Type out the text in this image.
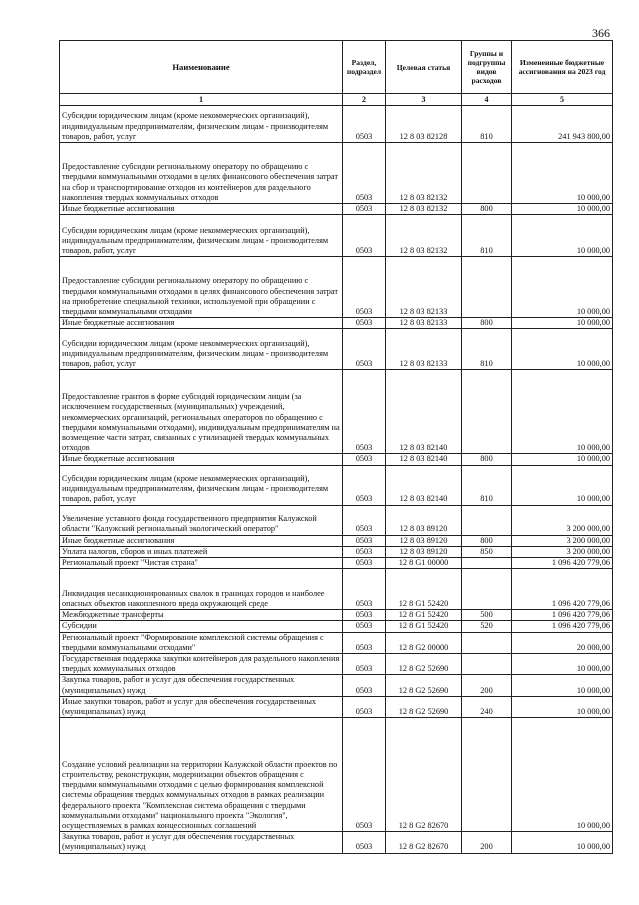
366
Наименование	Раздел, подраздел	Целевая статья	Группы и подгруппы видов расходов	Измененные бюджетные ассигнования на 2023 год
1	2	3	4	5
Субсидии юридическим лицам (кроме некоммерческих организаций), индивидуальным предпринимателям, физическим лицам - производителям товаров, работ, услуг	0503	12 8 03 82128	810	241 943 800,00
Предоставление субсидии региональному оператору по обращению с твердыми коммунальными отходами в целях финансового обеспечения затрат на сбор и транспортирование отходов из контейнеров для раздельного накопления твердых коммунальных отходов	0503	12 8 03 82132		10 000,00
Иные бюджетные ассигнования	0503	12 8 03 82132	800	10 000,00
Субсидии юридическим лицам (кроме некоммерческих организаций), индивидуальным предпринимателям, физическим лицам - производителям товаров, работ, услуг	0503	12 8 03 82132	810	10 000,00
Предоставление субсидии региональному оператору по обращению с твердыми коммунальными отходами в целях финансового обеспечения затрат на приобретение специальной техники, используемой при обращении с твердыми коммунальными отходами	0503	12 8 03 82133		10 000,00
Иные бюджетные ассигнования	0503	12 8 03 82133	800	10 000,00
Субсидии юридическим лицам (кроме некоммерческих организаций), индивидуальным предпринимателям, физическим лицам - производителям товаров, работ, услуг	0503	12 8 03 82133	810	10 000,00
Предоставление грантов в форме субсидий юридическим лицам (за исключением государственных (муниципальных) учреждений, некоммерческих организаций, региональных операторов по обращению с твердыми коммунальными отходами), индивидуальным предпринимателям на возмещение части затрат, связанных с утилизацией твердых коммунальных отходов	0503	12 8 03 82140		10 000,00
Иные бюджетные ассигнования	0503	12 8 03 82140	800	10 000,00
Субсидии юридическим лицам (кроме некоммерческих организаций), индивидуальным предпринимателям, физическим лицам - производителям товаров, работ, услуг	0503	12 8 03 82140	810	10 000,00
Увеличение уставного фонда государственного предприятия Калужской области "Калужский региональный экологический оператор"	0503	12 8 03 89120		3 200 000,00
Иные бюджетные ассигнования	0503	12 8 03 89120	800	3 200 000,00
Уплата налогов, сборов и иных платежей	0503	12 8 03 89120	850	3 200 000,00
Региональный проект "Чистая страна"	0503	12 8 G1 00000		1 096 420 779,06
Ликвидация несанкционированных свалок в границах городов и наиболее опасных объектов накопленного вреда окружающей среде	0503	12 8 G1 52420		1 096 420 779,06
Межбюджетные трансферты	0503	12 8 G1 52420	500	1 096 420 779,06
Субсидии	0503	12 8 G1 52420	520	1 096 420 779,06
Региональный проект "Формирование комплексной системы обращения с твердыми коммунальными отходами"	0503	12 8 G2 00000		20 000,00
Государственная поддержка закупки контейнеров для раздельного накопления твердых коммунальных отходов	0503	12 8 G2 52690		10 000,00
Закупка товаров, работ и услуг для обеспечения государственных (муниципальных) нужд	0503	12 8 G2 52690	200	10 000,00
Иные закупки товаров, работ и услуг для обеспечения государственных (муниципальных) нужд	0503	12 8 G2 52690	240	10 000,00
Создание условий реализации на территории Калужской области проектов по строительству, реконструкции, модернизации объектов обращения с твердыми коммунальными отходами с целью формирования комплексной системы обращения твердых коммунальных отходов в рамках реализации федерального проекта "Комплексная система обращения с твердыми коммунальными отходами" национального проекта "Экология", осуществляемых в рамках концессионных соглашений	0503	12 8 G2 82670		10 000,00
Закупка товаров, работ и услуг для обеспечения государственных (муниципальных) нужд	0503	12 8 G2 82670	200	10 000,00
